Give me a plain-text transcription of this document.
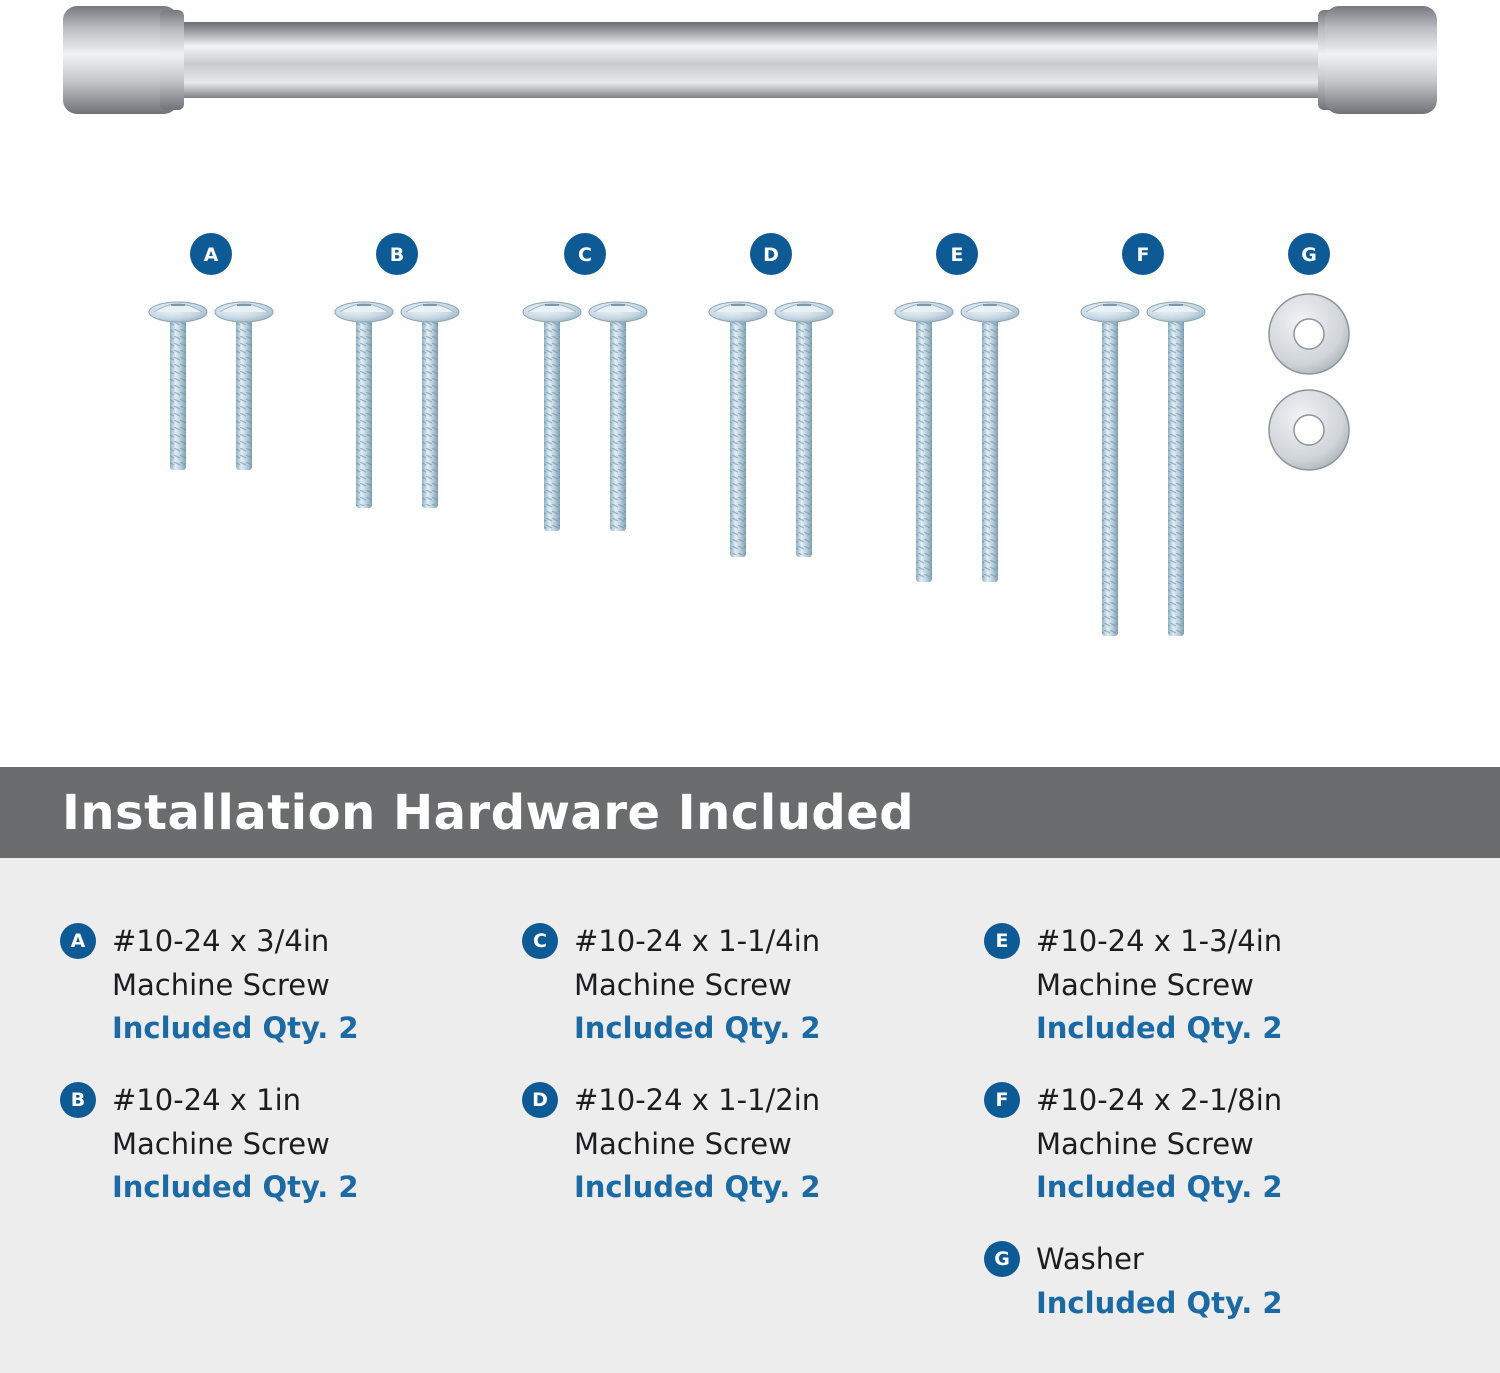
A	B	C	D	E	F	G
Installation Hardware Included
A #10-24 x 3/4in
Machine Screw
Included Qty. 2
B #10-24 x 1in
Machine Screw
Included Qty. 2
C #10-24 x 1-1/4in
Machine Screw
Included Qty. 2
D #10-24 x 1-1/2in
Machine Screw
Included Qty. 2
E #10-24 x 1-3/4in
Machine Screw
Included Qty. 2
F #10-24 x 2-1/8in
Machine Screw
Included Qty. 2
G Washer
Included Qty. 2
